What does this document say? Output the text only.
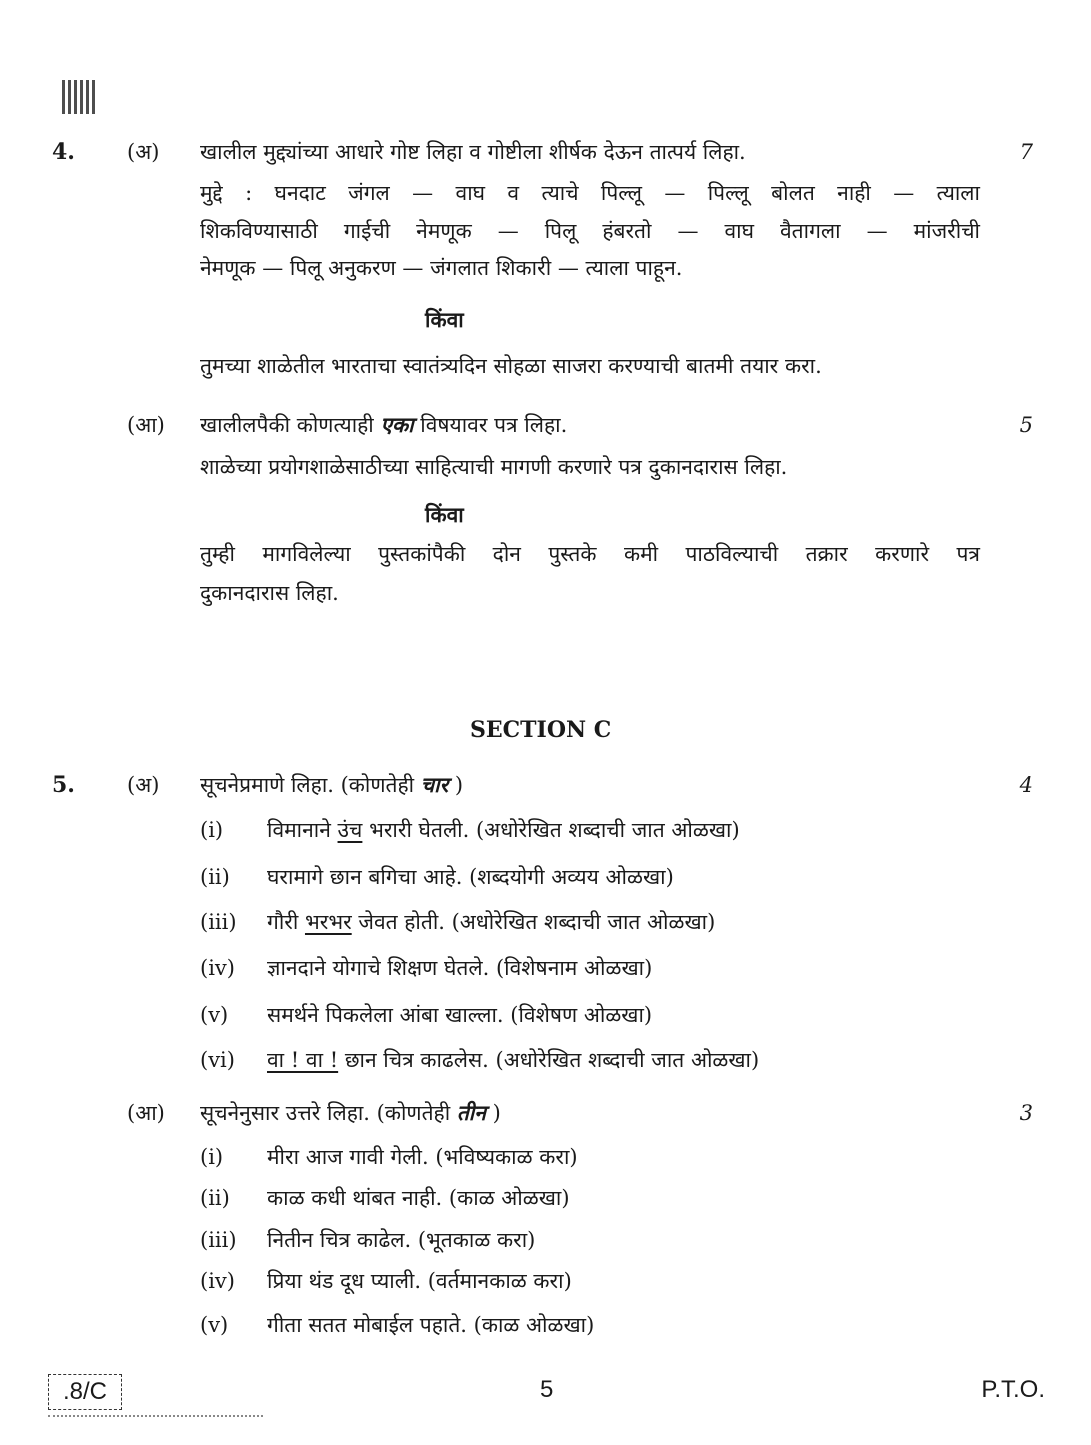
4. (अ) खालील मुद्द्यांच्या आधारे गोष्ट लिहा व गोष्टीला शीर्षक देऊन तात्पर्य लिहा.	7
मुद्दे : घनदाट जंगल — वाघ व त्याचे पिल्लू — पिल्लू बोलत नाही — त्याला
शिकविण्यासाठी गाईची नेमणूक — पिलू हंबरतो — वाघ वैतागला — मांजरीची
नेमणूक — पिलू अनुकरण — जंगलात शिकारी — त्याला पाहून.
किंवा
तुमच्या शाळेतील भारताचा स्वातंत्र्यदिन सोहळा साजरा करण्याची बातमी तयार करा.
(आ) खालीलपैकी कोणत्याही एका विषयावर पत्र लिहा.	5
शाळेच्या प्रयोगशाळेसाठीच्या साहित्याची मागणी करणारे पत्र दुकानदारास लिहा.
किंवा
तुम्ही मागविलेल्या पुस्तकांपैकी दोन पुस्तके कमी पाठविल्याची तक्रार करणारे पत्र
दुकानदारास लिहा.
SECTION C
5. (अ) सूचनेप्रमाणे लिहा. (कोणतेही चार )	4
(आ) सूचनेनुसार उत्तरे लिहा. (कोणतेही तीन )	3
.8/C	5	P.T.O.
(i) विमानाने उंच भरारी घेतली. (अधोरेखित शब्दाची जात ओळखा)
(ii) घरामागे छान बगिचा आहे. (शब्दयोगी अव्यय ओळखा)
(iii) गौरी भरभर जेवत होती. (अधोरेखित शब्दाची जात ओळखा)
(iv) ज्ञानदाने योगाचे शिक्षण घेतले. (विशेषनाम ओळखा)
(v) समर्थने पिकलेला आंबा खाल्ला. (विशेषण ओळखा)
(vi) वा ! वा ! छान चित्र काढलेस. (अधोरेखित शब्दाची जात ओळखा)
(i) मीरा आज गावी गेली. (भविष्यकाळ करा)
(ii) काळ कधी थांबत नाही. (काळ ओळखा)
(iii) नितीन चित्र काढेल. (भूतकाळ करा)
(iv) प्रिया थंड दूध प्याली. (वर्तमानकाळ करा)
(v) गीता सतत मोबाईल पहाते. (काळ ओळखा)
